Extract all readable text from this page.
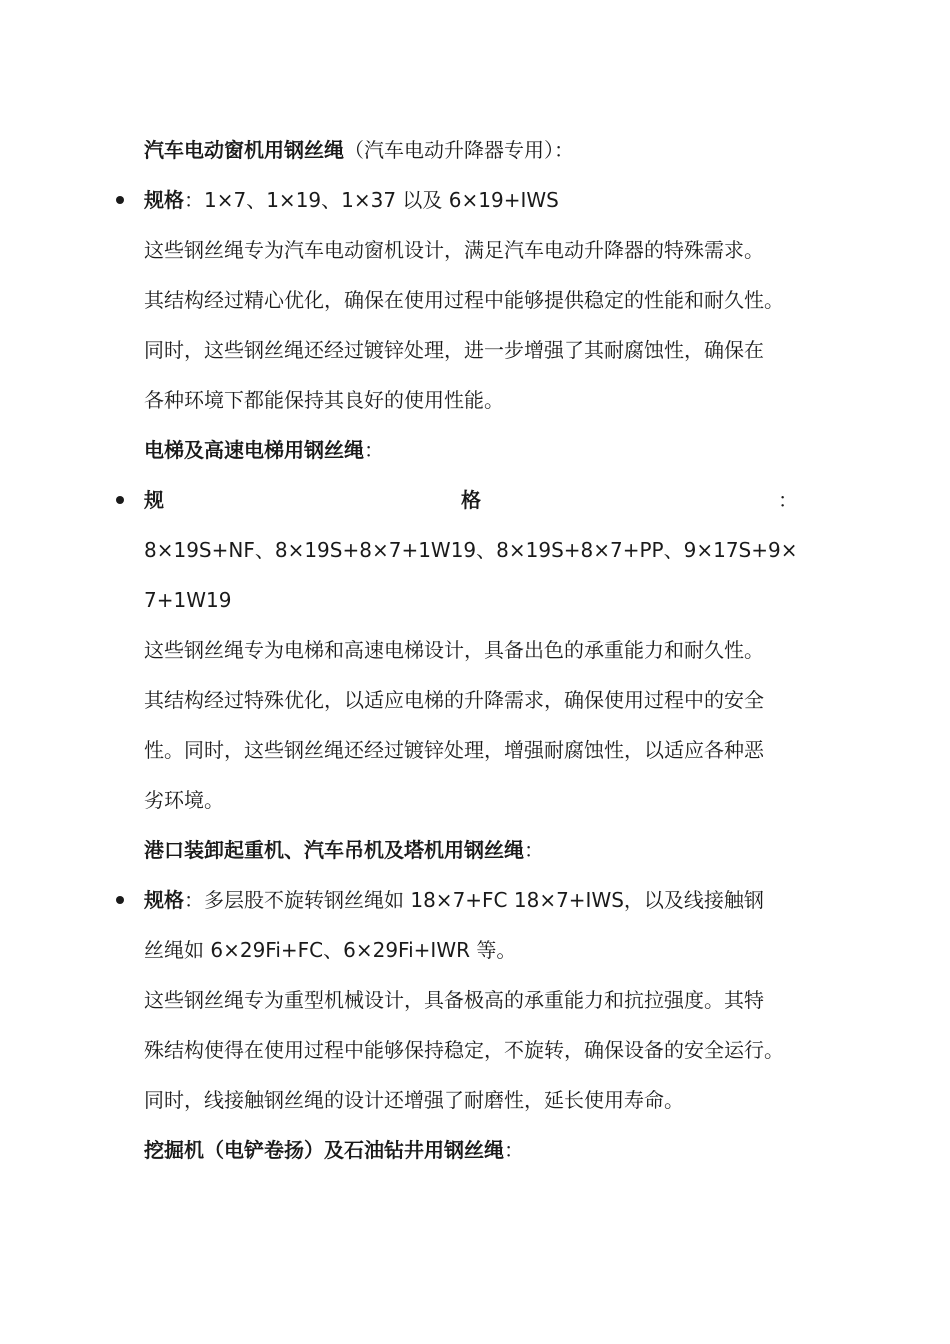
汽车电动窗机用钢丝绳（汽车电动升降器专用）：
规格：1×7、1×19、1×37 以及 6×19+IWS
这些钢丝绳专为汽车电动窗机设计，满足汽车电动升降器的特殊需求。
其结构经过精心优化，确保在使用过程中能够提供稳定的性能和耐久性。
同时，这些钢丝绳还经过镀锌处理，进一步增强了其耐腐蚀性，确保在
各种环境下都能保持其良好的使用性能。
电梯及高速电梯用钢丝绳：
规	格	：
8×19S+NF、8×19S+8×7+1W19、8×19S+8×7+PP、9×17S+9×
7+1W19
这些钢丝绳专为电梯和高速电梯设计，具备出色的承重能力和耐久性。
其结构经过特殊优化，以适应电梯的升降需求，确保使用过程中的安全
性。同时，这些钢丝绳还经过镀锌处理，增强耐腐蚀性，以适应各种恶
劣环境。
港口装卸起重机、汽车吊机及塔机用钢丝绳：
规格：多层股不旋转钢丝绳如 18×7+FC 18×7+IWS，以及线接触钢
丝绳如 6×29Fi+FC、6×29Fi+IWR 等。
这些钢丝绳专为重型机械设计，具备极高的承重能力和抗拉强度。其特
殊结构使得在使用过程中能够保持稳定，不旋转，确保设备的安全运行。
同时，线接触钢丝绳的设计还增强了耐磨性，延长使用寿命。
挖掘机（电铲卷扬）及石油钻井用钢丝绳：
